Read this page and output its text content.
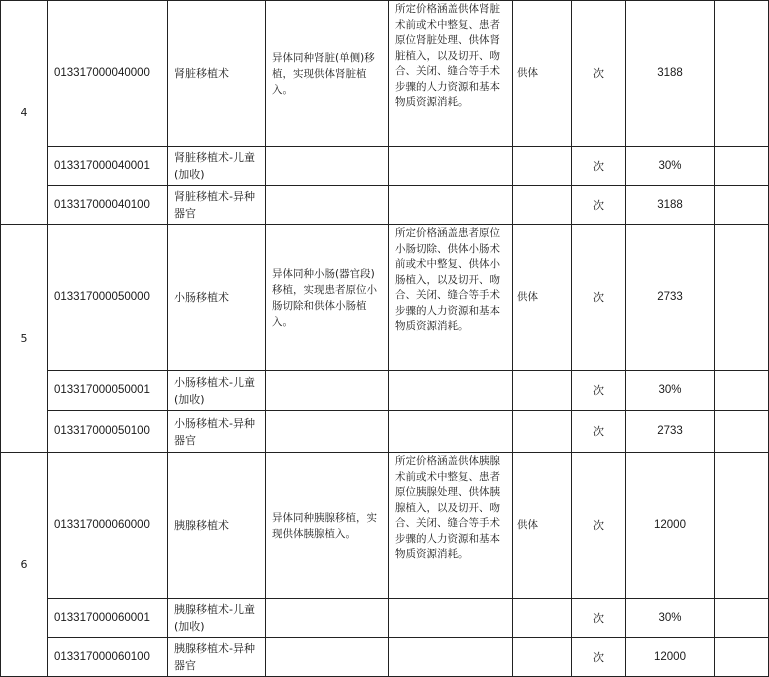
4	013317000040000	肾脏移植术	异体同种肾脏(单侧)移植，实现供体肾脏植入。	所定价格涵盖供体肾脏术前或术中整复、患者原位肾脏处理、供体肾脏植入，以及切开、吻合、关闭、缝合等手术步骤的人力资源和基本物质资源消耗。	供体	次	3188	
	013317000040001	肾脏移植术-儿童(加收)				次	30%	
	013317000040100	肾脏移植术-异种器官				次	3188	
5	013317000050000	小肠移植术	异体同种小肠(器官段)移植，实现患者原位小肠切除和供体小肠植入。	所定价格涵盖患者原位小肠切除、供体小肠术前或术中整复、供体小肠植入，以及切开、吻合、关闭、缝合等手术步骤的人力资源和基本物质资源消耗。	供体	次	2733	
	013317000050001	小肠移植术-儿童(加收)				次	30%	
	013317000050100	小肠移植术-异种器官				次	2733	
6	013317000060000	胰腺移植术	异体同种胰腺移植，实现供体胰腺植入。	所定价格涵盖供体胰腺术前或术中整复、患者原位胰腺处理、供体胰腺植入，以及切开、吻合、关闭、缝合等手术步骤的人力资源和基本物质资源消耗。	供体	次	12000	
	013317000060001	胰腺移植术-儿童(加收)				次	30%	
	013317000060100	胰腺移植术-异种器官				次	12000	
